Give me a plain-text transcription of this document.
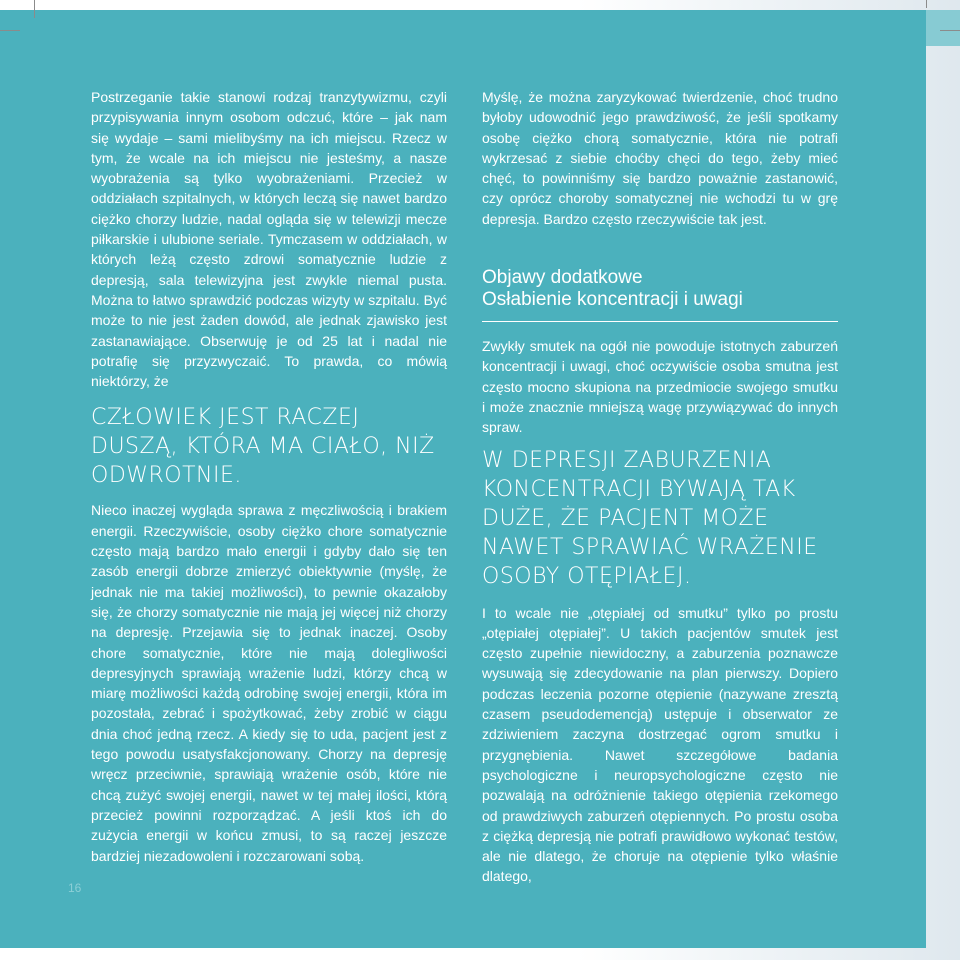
Postrzeganie takie stanowi rodzaj tranzytywizmu, czyli przypisywania innym osobom odczuć, które – jak nam się wydaje – sami mielibyśmy na ich miejscu. Rzecz w tym, że wcale na ich miejscu nie jesteśmy, a nasze wyobrażenia są tylko wyobrażeniami. Przecież w oddziałach szpitalnych, w których leczą się nawet bardzo ciężko chorzy ludzie, nadal ogląda się w telewizji mecze piłkarskie i ulubione seriale. Tymczasem w oddziałach, w których leżą często zdrowi somatycznie ludzie z depresją, sala telewizyjna jest zwykle niemal pusta. Można to łatwo sprawdzić podczas wizyty w szpitalu. Być może to nie jest żaden dowód, ale jednak zjawisko jest zastanawiające. Obserwuję je od 25 lat i nadal nie potrafię się przyzwyczaić. To prawda, co mówią niektórzy, że

CZŁOWIEK JEST RACZEJ DUSZĄ, KTÓRA MA CIAŁO, NIŻ ODWROTNIE.

Nieco inaczej wygląda sprawa z męczliwością i brakiem energii. Rzeczywiście, osoby ciężko chore somatycznie często mają bardzo mało energii i gdyby dało się ten zasób energii dobrze zmierzyć obiektywnie (myślę, że jednak nie ma takiej możliwości), to pewnie okazałoby się, że chorzy somatycznie nie mają jej więcej niż chorzy na depresję. Przejawia się to jednak inaczej. Osoby chore somatycznie, które nie mają dolegliwości depresyjnych sprawiają wrażenie ludzi, którzy chcą w miarę możliwości każdą odrobinę swojej energii, która im pozostała, zebrać i spożytkować, żeby zrobić w ciągu dnia choć jedną rzecz. A kiedy się to uda, pacjent jest z tego powodu usatysfakcjonowany. Chorzy na depresję wręcz przeciwnie, sprawiają wrażenie osób, które nie chcą zużyć swojej energii, nawet w tej małej ilości, którą przecież powinni rozporządzać. A jeśli ktoś ich do zużycia energii w końcu zmusi, to są raczej jeszcze bardziej niezadowoleni i rozczarowani sobą.

Myślę, że można zaryzykować twierdzenie, choć trudno byłoby udowodnić jego prawdziwość, że jeśli spotkamy osobę ciężko chorą somatycznie, która nie potrafi wykrzesać z siebie choćby chęci do tego, żeby mieć chęć, to powinniśmy się bardzo poważnie zastanowić, czy oprócz choroby somatycznej nie wchodzi tu w grę depresja. Bardzo często rzeczywiście tak jest.

Objawy dodatkowe
Osłabienie koncentracji i uwagi

Zwykły smutek na ogół nie powoduje istotnych zaburzeń koncentracji i uwagi, choć oczywiście osoba smutna jest często mocno skupiona na przedmiocie swojego smutku i może znacznie mniejszą wagę przywiązywać do innych spraw.

W DEPRESJI ZABURZENIA KONCENTRACJI BYWAJĄ TAK DUŻE, ŻE PACJENT MOŻE NAWET SPRAWIAĆ WRAŻENIE OSOBY OTĘPIAŁEJ.

I to wcale nie „otępiałej od smutku” tylko po prostu „otępiałej otępiałej”. U takich pacjentów smutek jest często zupełnie niewidoczny, a zaburzenia poznawcze wysuwają się zdecydowanie na plan pierwszy. Dopiero podczas leczenia pozorne otępienie (nazywane zresztą czasem pseudodemencją) ustępuje i obserwator ze zdziwieniem zaczyna dostrzegać ogrom smutku i przygnębienia. Nawet szczegółowe badania psychologiczne i neuropsychologiczne często nie pozwalają na odróżnienie takiego otępienia rzekomego od prawdziwych zaburzeń otępiennych. Po prostu osoba z ciężką depresją nie potrafi prawidłowo wykonać testów, ale nie dlatego, że choruje na otępienie tylko właśnie dlatego,

16
